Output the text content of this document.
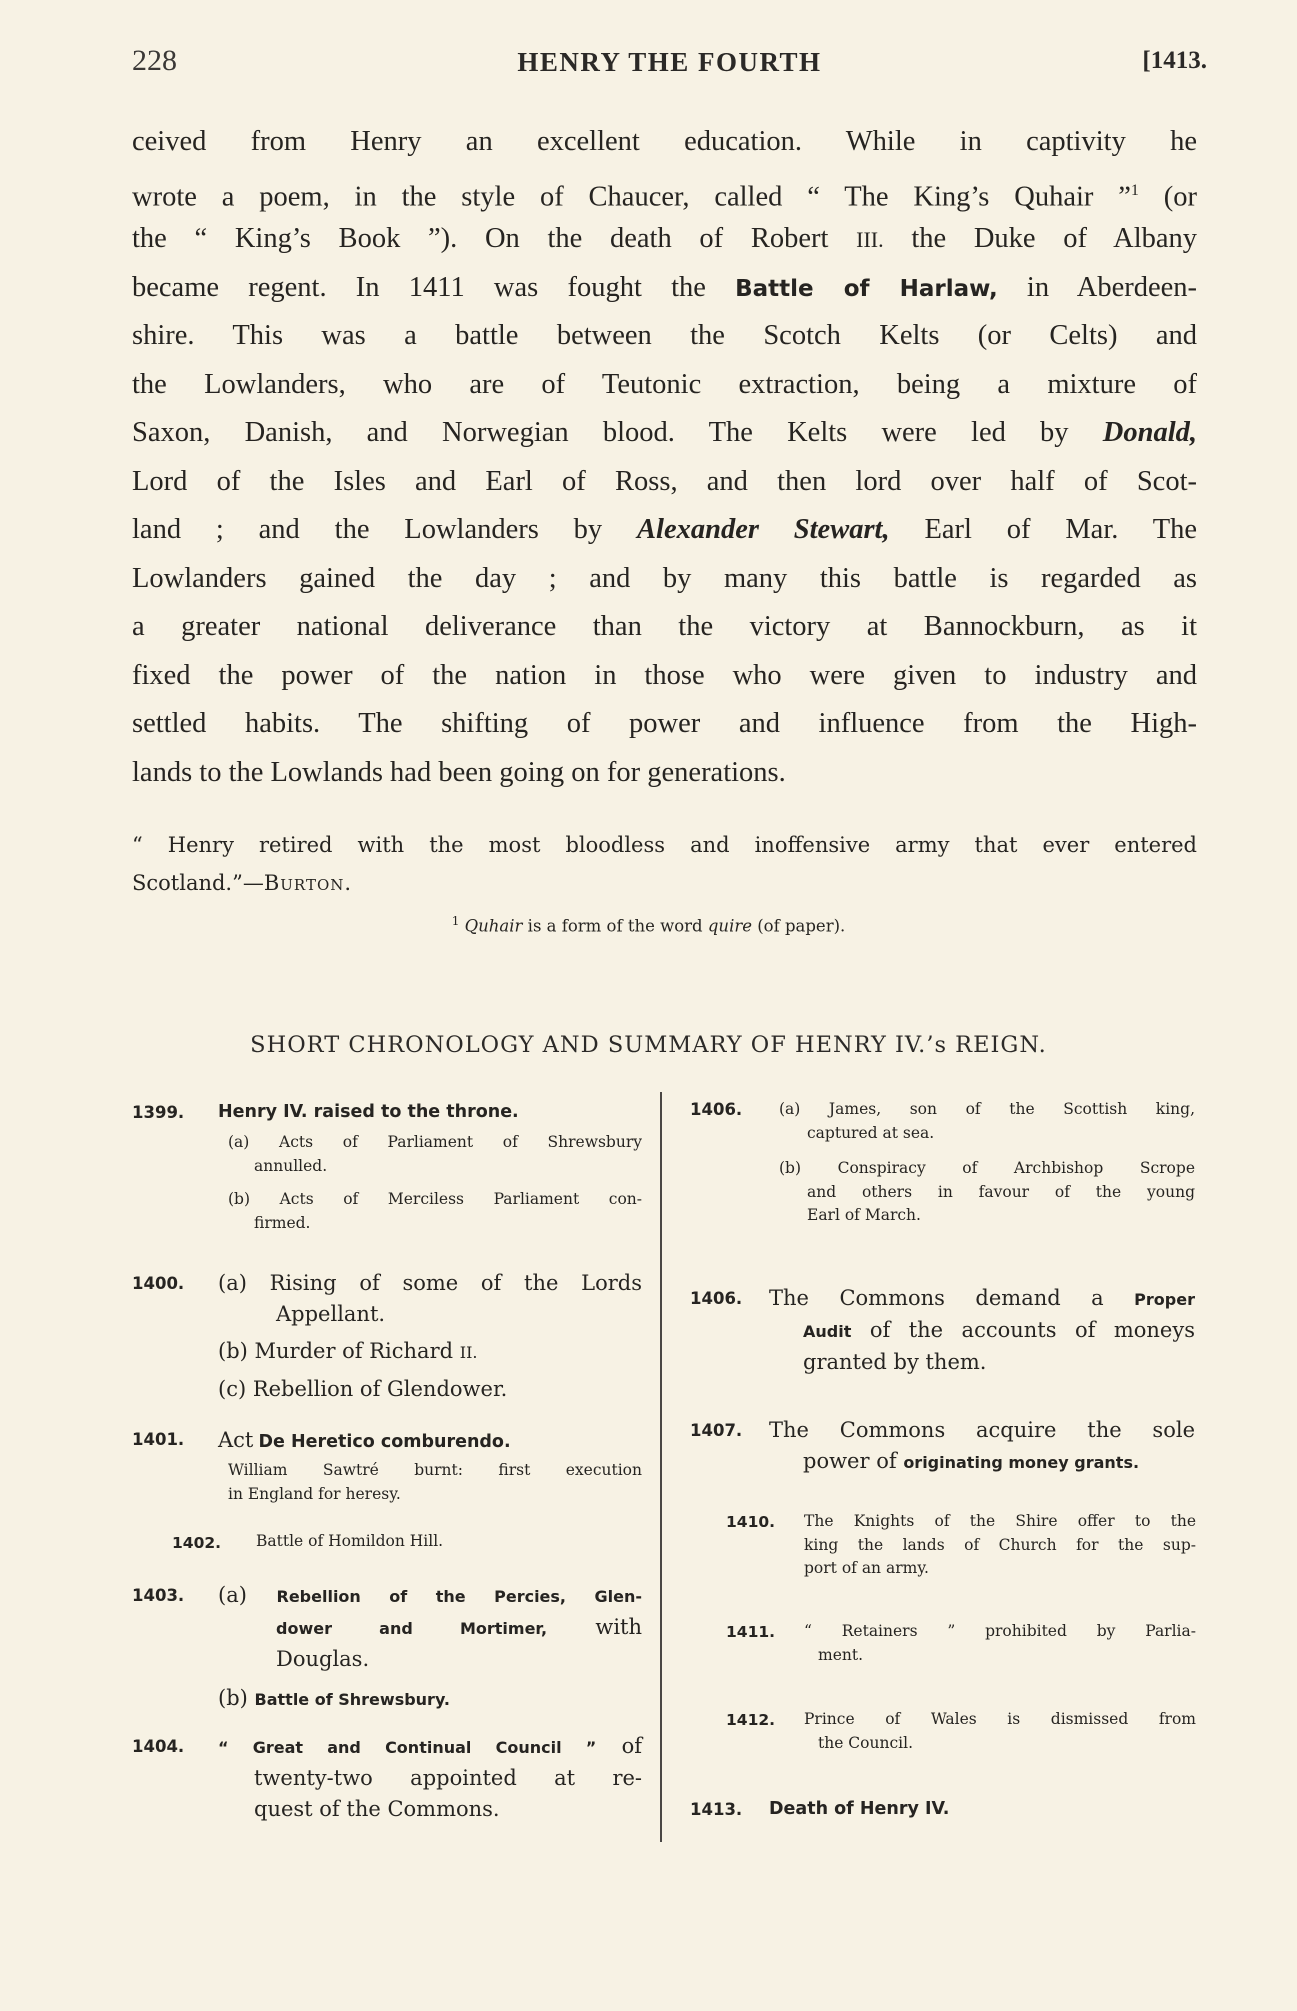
228	HENRY THE FOURTH	[1413.
ceived from Henry an excellent education. While in captivity he
wrote a poem, in the style of Chaucer, called “ The King’s Quhair ”$^1$ (or
the “ King’s Book ”). On the death of Robert III. the Duke of Albany
became regent. In 1411 was fought the Battle of Harlaw, in Aberdeen-
shire. This was a battle between the Scotch Kelts (or Celts) and
the Lowlanders, who are of Teutonic extraction, being a mixture of
Saxon, Danish, and Norwegian blood. The Kelts were led by Donald,
Lord of the Isles and Earl of Ross, and then lord over half of Scot-
land ; and the Lowlanders by Alexander Stewart, Earl of Mar. The
Lowlanders gained the day ; and by many this battle is regarded as
a greater national deliverance than the victory at Bannockburn, as it
fixed the power of the nation in those who were given to industry and
settled habits. The shifting of power and influence from the High-
lands to the Lowlands had been going on for generations.
“ Henry retired with the most bloodless and inoffensive army that ever entered
Scotland.”—Burton.
$^1$ Quhair is a form of the word quire (of paper).
SHORT CHRONOLOGY AND SUMMARY OF HENRY IV.’s REIGN.
1399. Henry IV. raised to the throne.
(a) Acts of Parliament of Shrewsbury
annulled.
(b) Acts of Merciless Parliament con-
firmed.
1400. (a) Rising of some of the Lords
Appellant.
(b) Murder of Richard II.
(c) Rebellion of Glendower.
1401. Act De Heretico comburendo.
William Sawtré burnt: first execution
in England for heresy.
1402. Battle of Homildon Hill.
1403. (a) Rebellion of the Percies, Glen-
dower and Mortimer, with
Douglas.
(b) Battle of Shrewsbury.
1404. “ Great and Continual Council ” of
twenty-two appointed at re-
quest of the Commons.
1406. (a) James, son of the Scottish king,
captured at sea.
(b) Conspiracy of Archbishop Scrope
and others in favour of the young
Earl of March.
1406. The Commons demand a Proper
Audit of the accounts of moneys
granted by them.
1407. The Commons acquire the sole
power of originating money grants.
1410. The Knights of the Shire offer to the
king the lands of Church for the sup-
port of an army.
1411. “ Retainers ” prohibited by Parlia-
ment.
1412. Prince of Wales is dismissed from
the Council.
1413. Death of Henry IV.
